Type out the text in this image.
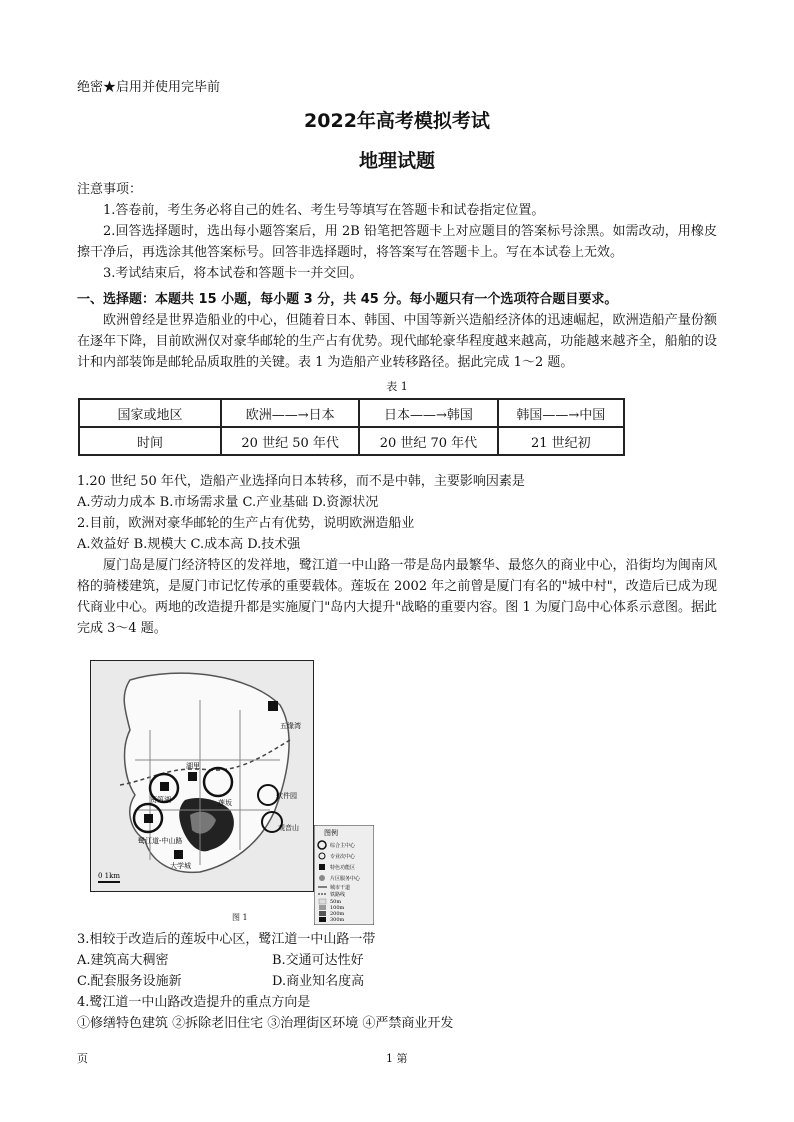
绝密★启用并使用完毕前
2022年高考模拟考试
地理试题

注意事项：

1.答卷前，考生务必将自己的姓名、考生号等填写在答题卡和试卷指定位置。

2.回答选择题时，选出每小题答案后，用 2B 铅笔把答题卡上对应题目的答案标号涂黑。如需改动，用橡皮擦干净后，再选涂其他答案标号。回答非选择题时，将答案写在答题卡上。写在本试卷上无效。

3.考试结束后，将本试卷和答题卡一并交回。

一、选择题：本题共 15 小题，每小题 3 分，共 45 分。每小题只有一个选项符合题目要求。

欧洲曾经是世界造船业的中心，但随着日本、韩国、中国等新兴造船经济体的迅速崛起，欧洲造船产量份额在逐年下降，目前欧洲仅对豪华邮轮的生产占有优势。现代邮轮豪华程度越来越高，功能越来越齐全，船舶的设计和内部装饰是邮轮品质取胜的关键。表 1 为造船产业转移路径。据此完成 1～2 题。

表 1
国家或地区	欧洲——→日本	日本——→韩国	韩国——→中国
时间	20 世纪 50 年代	20 世纪 70 年代	21 世纪初
1.20 世纪 50 年代，造船产业选择向日本转移，而不是中韩，主要影响因素是
A.劳动力成本 B.市场需求量 C.产业基础 D.资源状况
2.目前，欧洲对豪华邮轮的生产占有优势，说明欧洲造船业
A.效益好 B.规模大 C.成本高 D.技术强

厦门岛是厦门经济特区的发祥地，鹭江道一中山路一带是岛内最繁华、最悠久的商业中心，沿街均为闽南风格的骑楼建筑，是厦门市记忆传承的重要载体。莲坂在 2002 年之前曾是厦门有名的"城中村"，改造后已成为现代商业中心。两地的改造提升都是实施厦门"岛内大提升"战略的重要内容。图 1 为厦门岛中心体系示意图。据此完成 3～4 题。

五缘湾
湖里
莲坂
软件园
筼筜湖
观音山
鹭江道-中山路
大学城
0 1km
图例
综合主中心
专业次中心
特色功能区
片区服务中心
城市干道
铁路线
50m
100m
200m
300m
图 1
3.相较于改造后的莲坂中心区，鹭江道一中山路一带
A.建筑高大稠密	B.交通可达性好
C.配套服务设施新	D.商业知名度高
4.鹭江道一中山路改造提升的重点方向是
①修缮特色建筑 ②拆除老旧住宅 ③治理街区环境 ④严禁商业开发
页	1 第
